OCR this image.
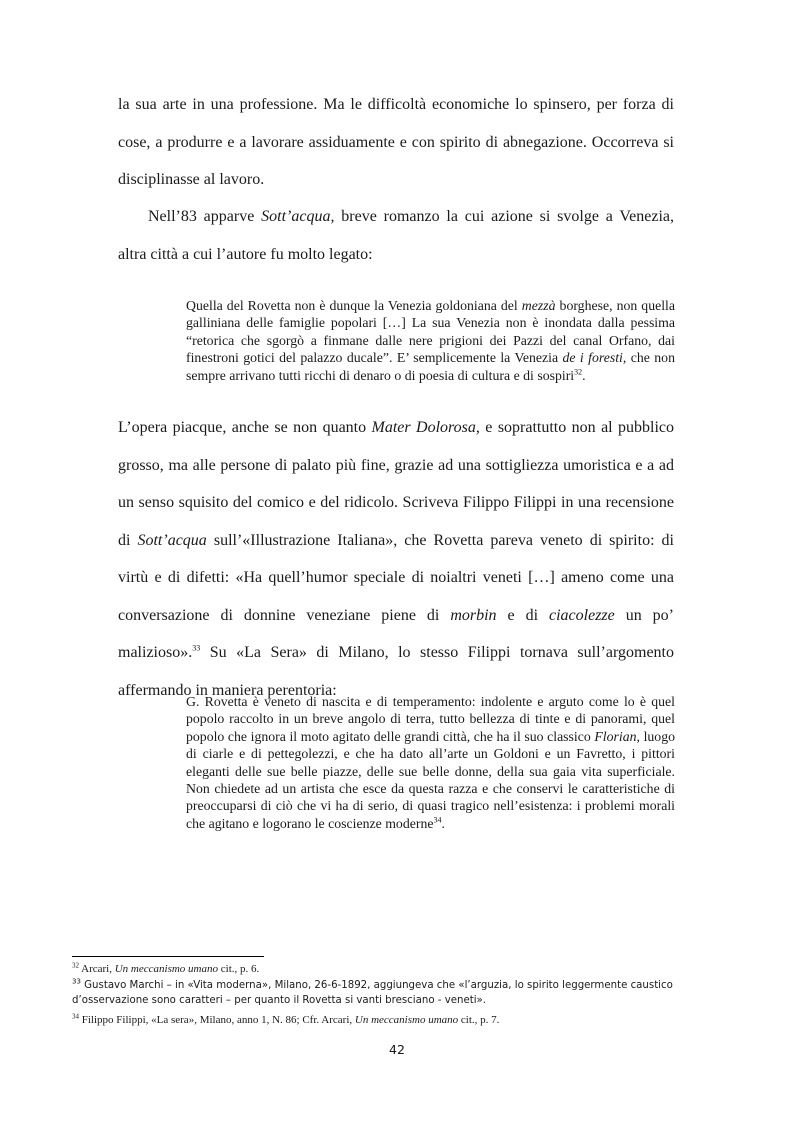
la sua arte in una professione. Ma le difficoltà economiche lo spinsero, per forza di cose, a produrre e a lavorare assiduamente e con spirito di abnegazione. Occorreva si disciplinasse al lavoro.

Nell’83 apparve Sott’acqua, breve romanzo la cui azione si svolge a Venezia, altra città a cui l’autore fu molto legato:

Quella del Rovetta non è dunque la Venezia goldoniana del mezzà borghese, non quella galliniana delle famiglie popolari […] La sua Venezia non è inondata dalla pessima “retorica che sgorgò a finmane dalle nere prigioni dei Pazzi del canal Orfano, dai finestroni gotici del palazzo ducale”. E’ semplicemente la Venezia de i foresti, che non sempre arrivano tutti ricchi di denaro o di poesia di cultura e di sospiri$^{32}$.

L’opera piacque, anche se non quanto Mater Dolorosa, e soprattutto non al pubblico grosso, ma alle persone di palato più fine, grazie ad una sottigliezza umoristica e a ad un senso squisito del comico e del ridicolo. Scriveva Filippo Filippi in una recensione di Sott’acqua sull’«Illustrazione Italiana», che Rovetta pareva veneto di spirito: di virtù e di difetti: «Ha quell’humor speciale di noialtri veneti […] ameno come una conversazione di donnine veneziane piene di morbin e di ciacolezze un po’ malizioso».$^{33}$ Su «La Sera» di Milano, lo stesso Filippi tornava sull’argomento affermando in maniera perentoria:

G. Rovetta è veneto di nascita e di temperamento: indolente e arguto come lo è quel popolo raccolto in un breve angolo di terra, tutto bellezza di tinte e di panorami, quel popolo che ignora il moto agitato delle grandi città, che ha il suo classico Florian, luogo di ciarle e di pettegolezzi, e che ha dato all’arte un Goldoni e un Favretto, i pittori eleganti delle sue belle piazze, delle sue belle donne, della sua gaia vita superficiale. Non chiedete ad un artista che esce da questa razza e che conservi le caratteristiche di preoccuparsi di ciò che vi ha di serio, di quasi tragico nell’esistenza: i problemi morali che agitano e logorano le coscienze moderne$^{34}$.

$^{32}$ Arcari, Un meccanismo umano cit., p. 6.

$^{33}$ Gustavo Marchi – in «Vita moderna», Milano, 26-6-1892, aggiungeva che «l’arguzia, lo spirito leggermente caustico d’osservazione sono caratteri – per quanto il Rovetta si vanti bresciano - veneti».

$^{34}$ Filippo Filippi, «La sera», Milano, anno 1, N. 86; Cfr. Arcari, Un meccanismo umano cit., p. 7.

42
